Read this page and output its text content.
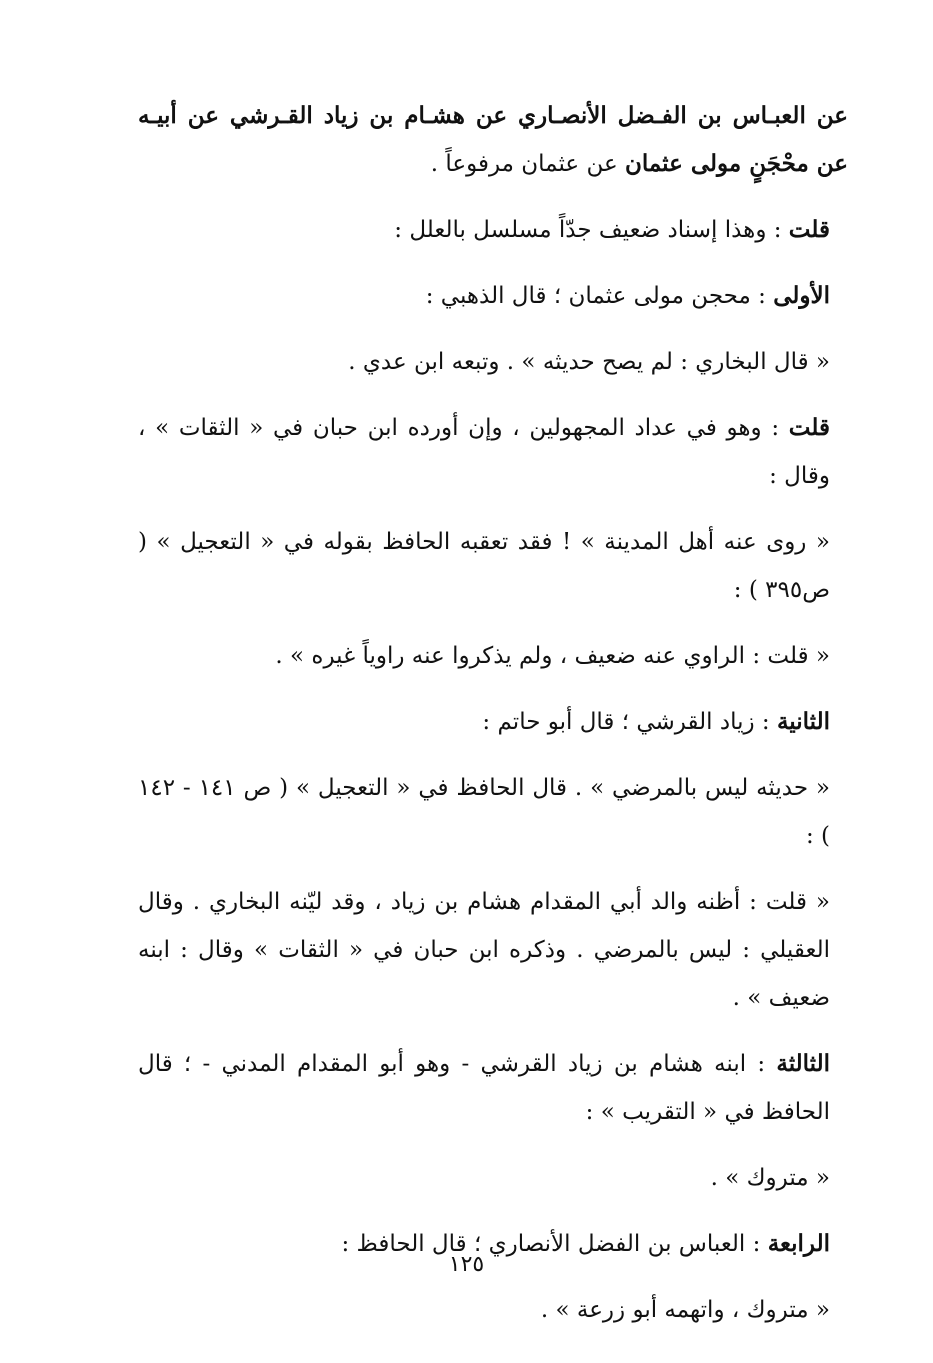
عن العبـاس بن الفـضل الأنصـاري عن هشـام بن زياد القـرشي عن أبيـه عن محْجَنٍ مولى عثمان عن عثمان مرفوعاً .

قلت : وهذا إسناد ضعيف جدّاً مسلسل بالعلل :

الأولى : محجن مولى عثمان ؛ قال الذهبي :

« قال البخاري : لم يصح حديثه » . وتبعه ابن عدي .

قلت : وهو في عداد المجهولين ، وإن أورده ابن حبان في « الثقات » ، وقال :

« روى عنه أهل المدينة » ! فقد تعقبه الحافظ بقوله في « التعجيل » ( ص٣٩٥ ) :

« قلت : الراوي عنه ضعيف ، ولم يذكروا عنه راوياً غيره » .

الثانية : زياد القرشي ؛ قال أبو حاتم :

« حديثه ليس بالمرضي » . قال الحافظ في « التعجيل » ( ص ١٤١ - ١٤٢ ) :

« قلت : أظنه والد أبي المقدام هشام بن زياد ، وقد ليّنه البخاري . وقال العقيلي : ليس بالمرضي . وذكره ابن حبان في « الثقات » وقال : ابنه ضعيف » .

الثالثة : ابنه هشام بن زياد القرشي - وهو أبو المقدام المدني - ؛ قال الحافظ في « التقريب » :

« متروك » .

الرابعة : العباس بن الفضل الأنصاري ؛ قال الحافظ :

« متروك ، واتهمه أبو زرعة » .

١٢٥
